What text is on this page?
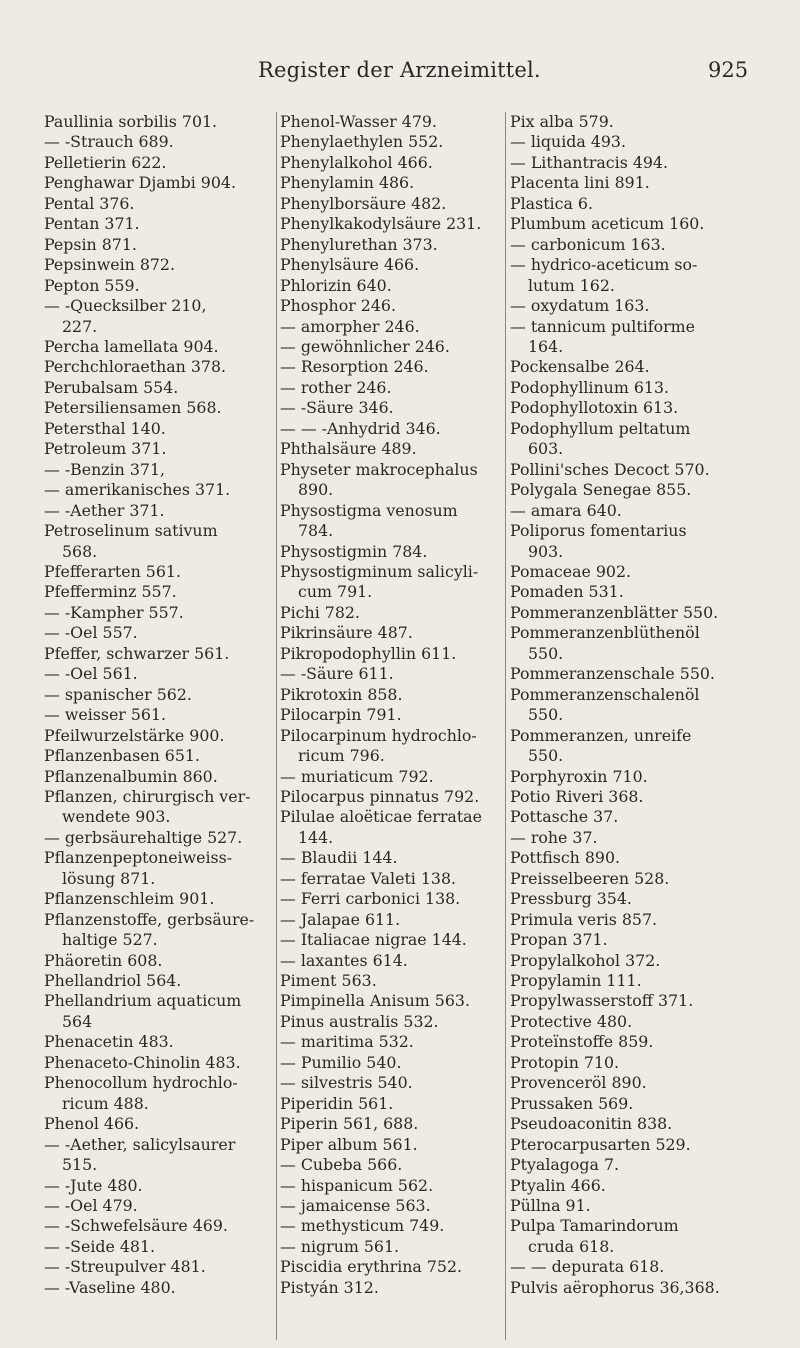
Register der Arzneimittel.	925
Paullinia sorbilis 701.
— -Strauch 689.
Pelletierin 622.
Penghawar Djambi 904.
Pental 376.
Pentan 371.
Pepsin 871.
Pepsinwein 872.
Pepton 559.
— -Quecksilber 210,
227.
Percha lamellata 904.
Perchchloraethan 378.
Perubalsam 554.
Petersiliensamen 568.
Petersthal 140.
Petroleum 371.
— -Benzin 371,
— amerikanisches 371.
— -Aether 371.
Petroselinum sativum
568.
Pfefferarten 561.
Pfefferminz 557.
— -Kampher 557.
— -Oel 557.
Pfeffer, schwarzer 561.
— -Oel 561.
— spanischer 562.
— weisser 561.
Pfeilwurzelstärke 900.
Pflanzenbasen 651.
Pflanzenalbumin 860.
Pflanzen, chirurgisch ver-
wendete 903.
— gerbsäurehaltige 527.
Pflanzenpeptoneiweiss-
lösung 871.
Pflanzenschleim 901.
Pflanzenstoffe, gerbsäure-
haltige 527.
Phäoretin 608.
Phellandriol 564.
Phellandrium aquaticum
564
Phenacetin 483.
Phenaceto-Chinolin 483.
Phenocollum hydrochlo-
ricum 488.
Phenol 466.
— -Aether, salicylsaurer
515.
— -Jute 480.
— -Oel 479.
— -Schwefelsäure 469.
— -Seide 481.
— -Streupulver 481.
— -Vaseline 480.
Phenol-Wasser 479.
Phenylaethylen 552.
Phenylalkohol 466.
Phenylamin 486.
Phenylborsäure 482.
Phenylkakodylsäure 231.
Phenylurethan 373.
Phenylsäure 466.
Phlorizin 640.
Phosphor 246.
— amorpher 246.
— gewöhnlicher 246.
— Resorption 246.
— rother 246.
— -Säure 346.
— — -Anhydrid 346.
Phthalsäure 489.
Physeter makrocephalus
890.
Physostigma venosum
784.
Physostigmin 784.
Physostigminum salicyli-
cum 791.
Pichi 782.
Pikrinsäure 487.
Pikropodophyllin 611.
— -Säure 611.
Pikrotoxin 858.
Pilocarpin 791.
Pilocarpinum hydrochlo-
ricum 796.
— muriaticum 792.
Pilocarpus pinnatus 792.
Pilulae aloëticae ferratae
144.
— Blaudii 144.
— ferratae Valeti 138.
— Ferri carbonici 138.
— Jalapae 611.
— Italiacae nigrae 144.
— laxantes 614.
Piment 563.
Pimpinella Anisum 563.
Pinus australis 532.
— maritima 532.
— Pumilio 540.
— silvestris 540.
Piperidin 561.
Piperin 561, 688.
Piper album 561.
— Cubeba 566.
— hispanicum 562.
— jamaicense 563.
— methysticum 749.
— nigrum 561.
Piscidia erythrina 752.
Pistyán 312.
Pix alba 579.
— liquida 493.
— Lithantracis 494.
Placenta lini 891.
Plastica 6.
Plumbum aceticum 160.
— carbonicum 163.
— hydrico-aceticum so-
lutum 162.
— oxydatum 163.
— tannicum pultiforme
164.
Pockensalbe 264.
Podophyllinum 613.
Podophyllotoxin 613.
Podophyllum peltatum
603.
Pollini'sches Decoct 570.
Polygala Senegae 855.
— amara 640.
Poliporus fomentarius
903.
Pomaceae 902.
Pomaden 531.
Pommeranzenblätter 550.
Pommeranzenblüthenöl
550.
Pommeranzenschale 550.
Pommeranzenschalenöl
550.
Pommeranzen, unreife
550.
Porphyroxin 710.
Potio Riveri 368.
Pottasche 37.
— rohe 37.
Pottfisch 890.
Preisselbeeren 528.
Pressburg 354.
Primula veris 857.
Propan 371.
Propylalkohol 372.
Propylamin 111.
Propylwasserstoff 371.
Protective 480.
Proteïnstoffe 859.
Protopin 710.
Provenceröl 890.
Prussaken 569.
Pseudoaconitin 838.
Pterocarpusarten 529.
Ptyalagoga 7.
Ptyalin 466.
Püllna 91.
Pulpa Tamarindorum
cruda 618.
— — depurata 618.
Pulvis aërophorus 36,368.
